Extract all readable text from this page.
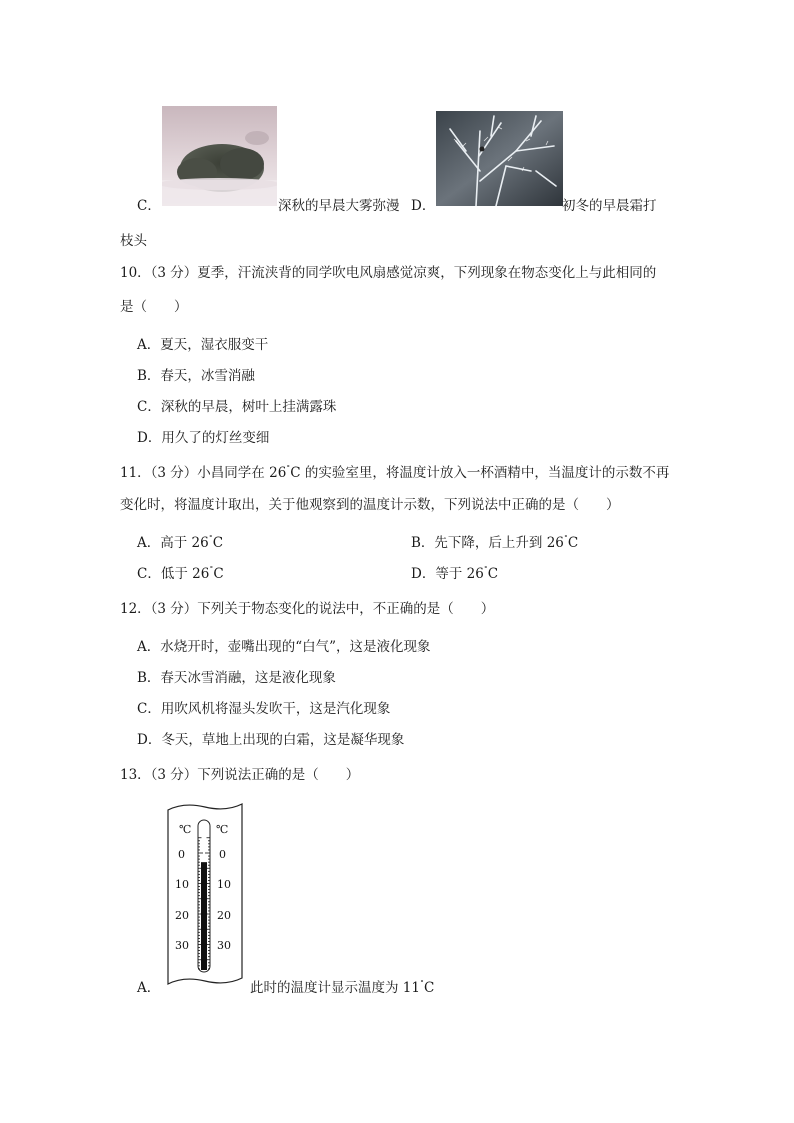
C．	深秋的早晨大雾弥漫 D．	初冬的早晨霜打
枝头
10．（3 分）夏季，汗流浃背的同学吹电风扇感觉凉爽，下列现象在物态变化上与此相同的
是（　　）
A．夏天，湿衣服变干
B．春天，冰雪消融
C．深秋的早晨，树叶上挂满露珠
D．用久了的灯丝变细
11．（3 分）小昌同学在 26˚C 的实验室里，将温度计放入一杯酒精中，当温度计的示数不再
变化时，将温度计取出，关于他观察到的温度计示数，下列说法中正确的是（　　）
A．高于 26˚C	B．先下降，后上升到 26˚C
C．低于 26˚C	D．等于 26˚C
12．（3 分）下列关于物态变化的说法中，不正确的是（　　）
A．水烧开时，壶嘴出现的“白气”，这是液化现象
B．春天冰雪消融，这是液化现象
C．用吹风机将湿头发吹干，这是汽化现象
D．冬天，草地上出现的白霜，这是凝华现象
13．（3 分）下列说法正确的是（　　）
℃ ℃
0
10
20
30
0
10
20
30
A．	此时的温度计显示温度为 11˚C
